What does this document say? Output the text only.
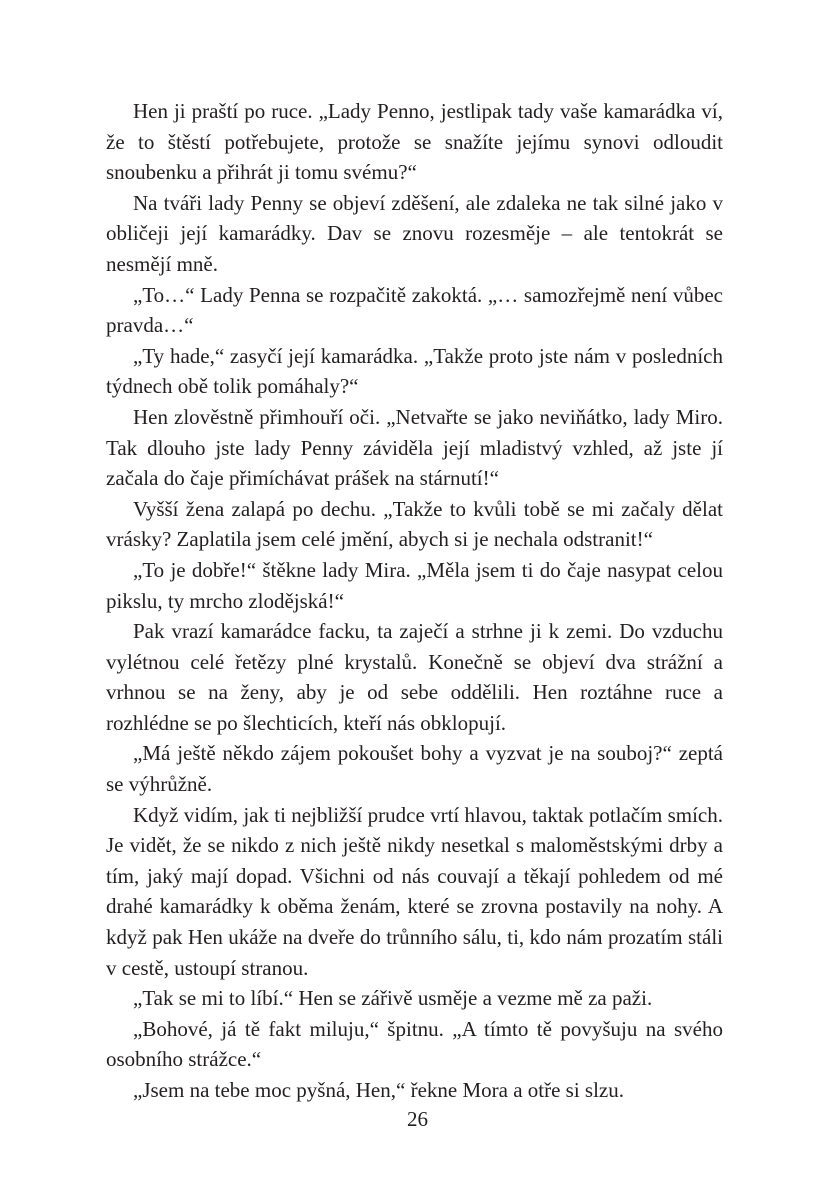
Hen ji praští po ruce. „Lady Penno, jestlipak tady vaše kamarádka ví, že to štěstí potřebujete, protože se snažíte jejímu synovi odloudit snoubenku a přihrát ji tomu svému?“

Na tváři lady Penny se objeví zděšení, ale zdaleka ne tak silné jako v obličeji její kamarádky. Dav se znovu rozesměje – ale tentokrát se nesmějí mně.

„To…“ Lady Penna se rozpačitě zakoktá. „… samozřejmě není vůbec pravda…“

„Ty hade,“ zasyčí její kamarádka. „Takže proto jste nám v posledních týdnech obě tolik pomáhaly?“

Hen zlověstně přimhouří oči. „Netvařte se jako neviňátko, lady Miro. Tak dlouho jste lady Penny záviděla její mladistvý vzhled, až jste jí začala do čaje přimíchávat prášek na stárnutí!“

Vyšší žena zalapá po dechu. „Takže to kvůli tobě se mi začaly dělat vrásky? Zaplatila jsem celé jmění, abych si je nechala odstranit!“

„To je dobře!“ štěkne lady Mira. „Měla jsem ti do čaje nasypat celou pikslu, ty mrcho zlodějská!“

Pak vrazí kamarádce facku, ta zaječí a strhne ji k zemi. Do vzduchu vylétnou celé řetězy plné krystalů. Konečně se objeví dva strážní a vrhnou se na ženy, aby je od sebe oddělili. Hen roztáhne ruce a rozhlédne se po šlechticích, kteří nás obklopují.

„Má ještě někdo zájem pokoušet bohy a vyzvat je na souboj?“ zeptá se výhrůžně.

Když vidím, jak ti nejbližší prudce vrtí hlavou, taktak potlačím smích. Je vidět, že se nikdo z nich ještě nikdy nesetkal s maloměstskými drby a tím, jaký mají dopad. Všichni od nás couvají a těkají pohledem od mé drahé kamarádky k oběma ženám, které se zrovna postavily na nohy. A když pak Hen ukáže na dveře do trůnního sálu, ti, kdo nám prozatím stáli v cestě, ustoupí stranou.

„Tak se mi to líbí.“ Hen se zářivě usměje a vezme mě za paži.

„Bohové, já tě fakt miluju,“ špitnu. „A tímto tě povyšuju na svého osobního strážce.“

„Jsem na tebe moc pyšná, Hen,“ řekne Mora a otře si slzu.

26
